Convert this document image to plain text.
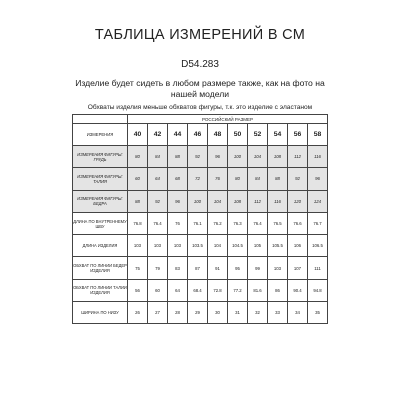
ТАБЛИЦА ИЗМЕРЕНИЙ В СМ
D54.283
Изделие будет сидеть в любом размере также, как на фото на
нашей модели
Обхваты изделия меньше обхватов фигуры, т.к. это изделие с эластаном
	РОССИЙСКИЙ РАЗМЕР									
ИЗМЕРЕНИЯ	40	42	44	46	48	50	52	54	56	58
ИЗМЕРЕНИЯ ФИГУРЫ: ГРУДЬ	80	84	88	92	96	100	104	108	112	116
ИЗМЕРЕНИЯ ФИГУРЫ: ТАЛИЯ	60	64	68	72	76	80	84	88	92	96
ИЗМЕРЕНИЯ ФИГУРЫ: БЕДРА	88	92	96	100	104	108	112	116	120	124
ДЛИНА ПО ВНУТРЕННЕМУ ШВУ	76.8	76.4	76	76.1	76.2	76.3	76.4	76.5	76.6	76.7
ДЛИНА ИЗДЕЛИЯ	103	103	103	103.5	104	104.5	105	105.5	106	106.5
ОБХВАТ ПО ЛИНИИ БЕДЕР ИЗДЕЛИЯ	75	79	83	87	91	95	99	103	107	111
ОБХВАТ ПО ЛИНИИ ТАЛИИ ИЗДЕЛИЯ	56	60	64	68.4	72.8	77.2	81.6	86	90.4	94.8
ШИРИНА ПО НИЗУ	26	27	28	29	30	31	32	33	34	35
